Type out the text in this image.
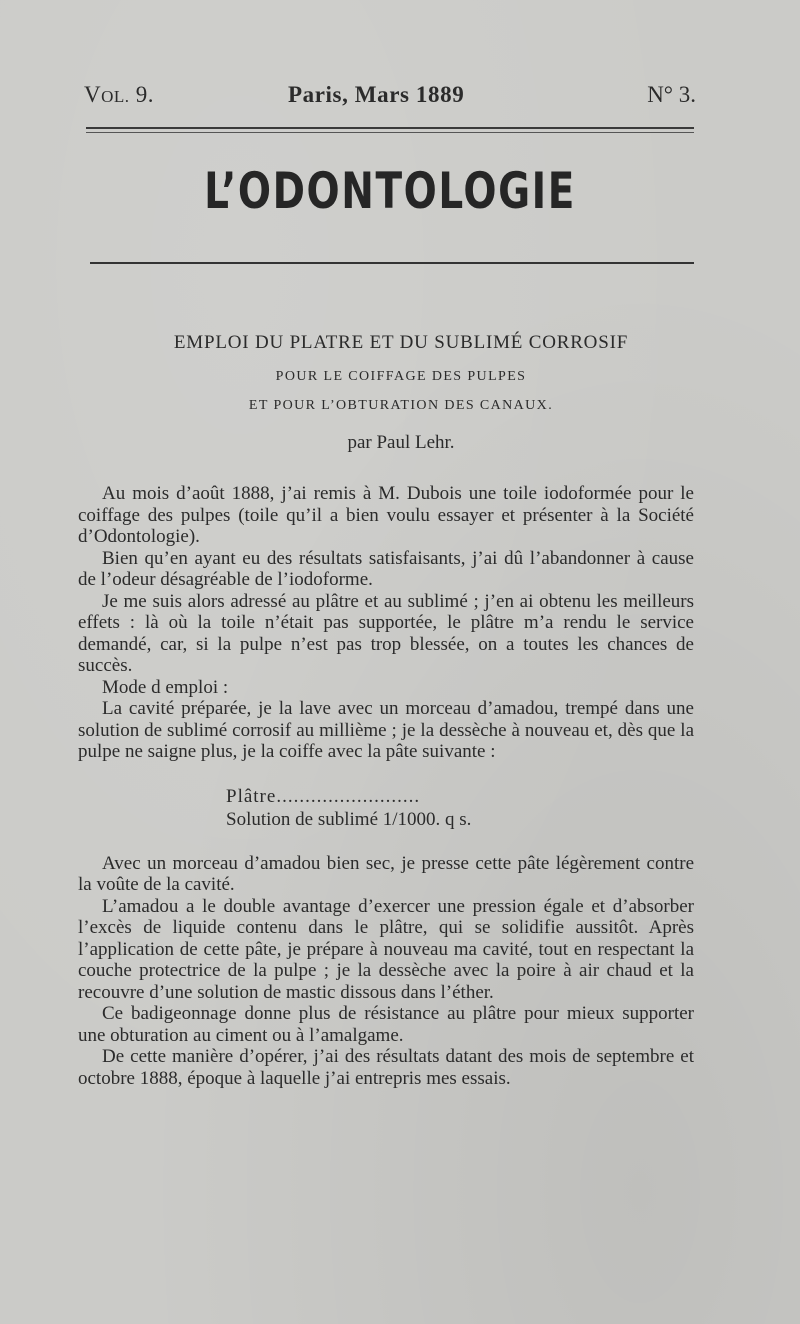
VOL. 9.	Paris, Mars 1889	N° 3.
L’ODONTOLOGIE
EMPLOI DU PLATRE ET DU SUBLIMÉ CORROSIF
POUR LE COIFFAGE DES PULPES
ET POUR L’OBTURATION DES CANAUX.
par Paul Lehr.

Au mois d’août 1888, j’ai remis à M. Dubois une toile iodoformée pour le coiffage des pulpes (toile qu’il a bien voulu essayer et présenter à la Société d’Odontologie).

Bien qu’en ayant eu des résultats satisfaisants, j’ai dû l’abandonner à cause de l’odeur désagréable de l’iodoforme.

Je me suis alors adressé au plâtre et au sublimé ; j’en ai obtenu les meilleurs effets : là où la toile n’était pas supportée, le plâtre m’a rendu le service demandé, car, si la pulpe n’est pas trop blessée, on a toutes les chances de succès.

Mode d emploi :

La cavité préparée, je la lave avec un morceau d’amadou, trempé dans une solution de sublimé corrosif au millième ; je la dessèche à nouveau et, dès que la pulpe ne saigne plus, je la coiffe avec la pâte suivante :

Plâtre.........................
Solution de sublimé 1/1000. q s.

Avec un morceau d’amadou bien sec, je presse cette pâte légèrement contre la voûte de la cavité.

L’amadou a le double avantage d’exercer une pression égale et d’absorber l’excès de liquide contenu dans le plâtre, qui se solidifie aussitôt. Après l’application de cette pâte, je prépare à nouveau ma cavité, tout en respectant la couche protectrice de la pulpe ; je la dessèche avec la poire à air chaud et la recouvre d’une solution de mastic dissous dans l’éther.

Ce badigeonnage donne plus de résistance au plâtre pour mieux supporter une obturation au ciment ou à l’amalgame.

De cette manière d’opérer, j’ai des résultats datant des mois de septembre et octobre 1888, époque à laquelle j’ai entrepris mes essais.
